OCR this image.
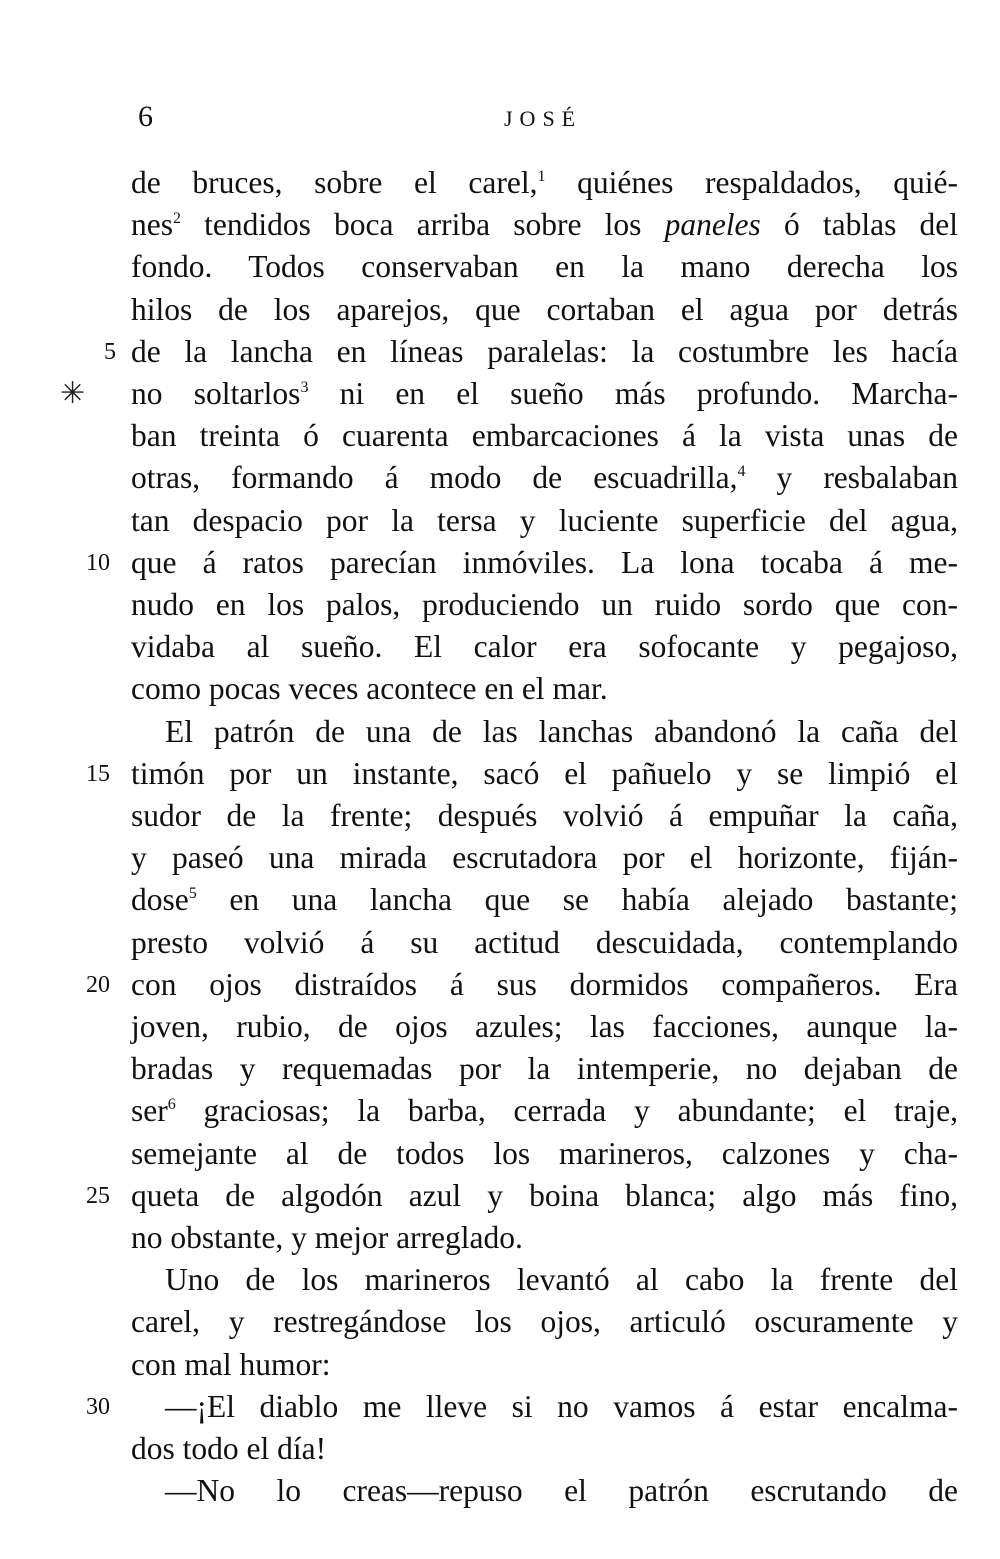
6	JOSÉ
✳
de bruces, sobre el carel,$^1$ quiénes respaldados, quié-
nes$^2$ tendidos boca arriba sobre los paneles ó tablas del
fondo. Todos conservaban en la mano derecha los
hilos de los aparejos, que cortaban el agua por detrás
de la lancha en líneas paralelas: la costumbre les hacía
5
no soltarlos$^3$ ni en el sueño más profundo. Marcha-
ban treinta ó cuarenta embarcaciones á la vista unas de
otras, formando á modo de escuadrilla,$^4$ y resbalaban
tan despacio por la tersa y luciente superficie del agua,
que á ratos parecían inmóviles. La lona tocaba á me-
10
nudo en los palos, produciendo un ruido sordo que con-
vidaba al sueño. El calor era sofocante y pegajoso,
como pocas veces acontece en el mar.
El patrón de una de las lanchas abandonó la caña del
timón por un instante, sacó el pañuelo y se limpió el
15
sudor de la frente; después volvió á empuñar la caña,
y paseó una mirada escrutadora por el horizonte, fiján-
dose$^5$ en una lancha que se había alejado bastante;
presto volvió á su actitud descuidada, contemplando
con ojos distraídos á sus dormidos compañeros. Era
20
joven, rubio, de ojos azules; las facciones, aunque la-
bradas y requemadas por la intemperie, no dejaban de
ser$^6$ graciosas; la barba, cerrada y abundante; el traje,
semejante al de todos los marineros, calzones y cha-
queta de algodón azul y boina blanca; algo más fino,
25
no obstante, y mejor arreglado.
Uno de los marineros levantó al cabo la frente del
carel, y restregándose los ojos, articuló oscuramente y
con mal humor:
—¡El diablo me lleve si no vamos á estar encalma-
30
dos todo el día!
—No lo creas—repuso el patrón escrutando de
